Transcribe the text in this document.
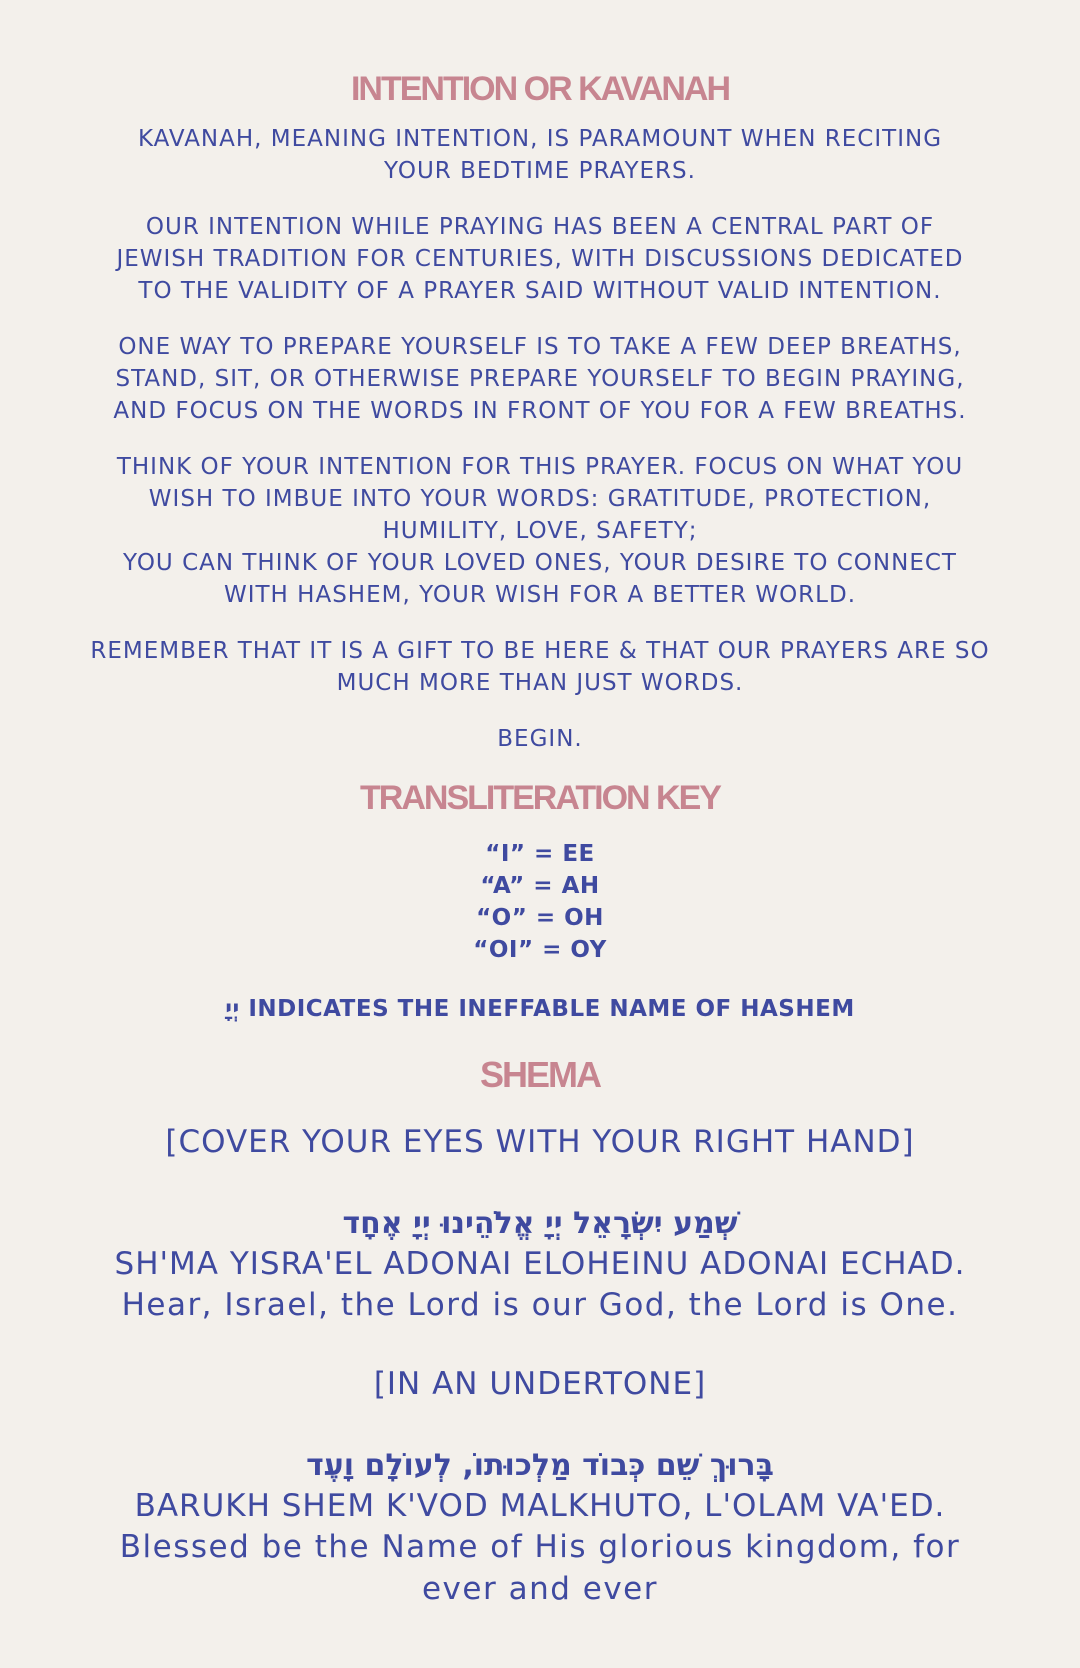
INTENTION OR KAVANAH

KAVANAH, MEANING INTENTION, IS PARAMOUNT WHEN RECITING YOUR BEDTIME PRAYERS.

OUR INTENTION WHILE PRAYING HAS BEEN A CENTRAL PART OF JEWISH TRADITION FOR CENTURIES, WITH DISCUSSIONS DEDICATED TO THE VALIDITY OF A PRAYER SAID WITHOUT VALID INTENTION.

ONE WAY TO PREPARE YOURSELF IS TO TAKE A FEW DEEP BREATHS, STAND, SIT, OR OTHERWISE PREPARE YOURSELF TO BEGIN PRAYING, AND FOCUS ON THE WORDS IN FRONT OF YOU FOR A FEW BREATHS.

THINK OF YOUR INTENTION FOR THIS PRAYER. FOCUS ON WHAT YOU WISH TO IMBUE INTO YOUR WORDS: GRATITUDE, PROTECTION, HUMILITY, LOVE, SAFETY;

YOU CAN THINK OF YOUR LOVED ONES, YOUR DESIRE TO CONNECT WITH HASHEM, YOUR WISH FOR A BETTER WORLD.

REMEMBER THAT IT IS A GIFT TO BE HERE & THAT OUR PRAYERS ARE SO MUCH MORE THAN JUST WORDS.

BEGIN.

TRANSLITERATION KEY
“I” = EE
“A” = AH
“O” = OH
“OI” = OY
יְיָ INDICATES THE INEFFABLE NAME OF HASHEM
SHEMA
[COVER YOUR EYES WITH YOUR RIGHT HAND]
שְׁמַע יִשְׂרָאֵל יְיָ אֱלֹהֵינוּ יְיָ אֶחָד
SH'MA YISRA'EL ADONAI ELOHEINU ADONAI ECHAD.
Hear, Israel, the Lord is our God, the Lord is One.
[IN AN UNDERTONE]
בָּרוּךְ שֵׁם כְּבוֹד מַלְכוּתוֹ, לְעוֹלָם וָעֶד
BARUKH SHEM K'VOD MALKHUTO, L'OLAM VA'ED.
Blessed be the Name of His glorious kingdom, for ever and ever
